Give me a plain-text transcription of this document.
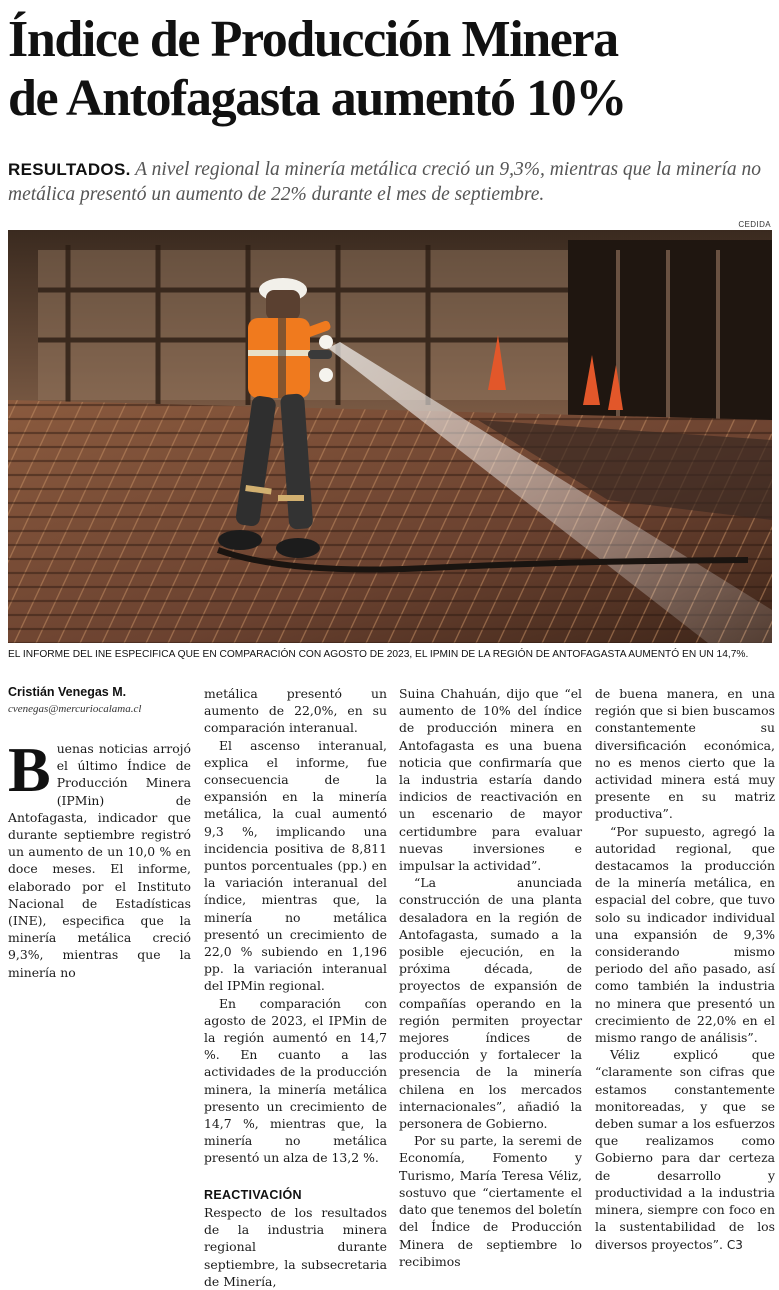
Índice de Producción Minera
de Antofagasta aumentó 10%

RESULTADOS. A nivel regional la minería metálica creció un 9,3%, mientras que la minería no metálica presentó un aumento de 22% durante el mes de septiembre.

CEDIDA
EL INFORME DEL INE ESPECIFICA QUE EN COMPARACIÓN CON AGOSTO DE 2023, EL IPMIN DE LA REGIÓN DE ANTOFAGASTA AUMENTÓ EN UN 14,7%.
Cristián Venegas M.
cvenegas@mercuriocalama.cl
B uenas noticias arrojó el último Índice de Producción Minera (IPMin) de Antofagasta, indicador que durante septiembre registró un aumento de un 10,0 % en doce meses. El informe, elaborado por el Instituto Nacional de Estadísticas (INE), especifica que la minería metálica creció 9,3%, mientras que la minería no

metálica presentó un aumento de 22,0%, en su comparación interanual.

El ascenso interanual, explica el informe, fue consecuencia de la expansión en la minería metálica, la cual aumentó 9,3 %, implicando una incidencia positiva de 8,811 puntos porcentuales (pp.) en la variación interanual del índice, mientras que, la minería no metálica presentó un crecimiento de 22,0 % subiendo en 1,196 pp. la variación interanual del IPMin regional.

En comparación con agosto de 2023, el IPMin de la región aumentó en 14,7 %. En cuanto a las actividades de la producción minera, la minería metálica presento un crecimiento de 14,7 %, mientras que, la minería no metálica presentó un alza de 13,2 %.

REACTIVACIÓN

Respecto de los resultados de la industria minera regional durante septiembre, la subsecretaria de Minería,

Suina Chahuán, dijo que “el aumento de 10% del índice de producción minera en Antofagasta es una buena noticia que confirmaría que la industria estaría dando indicios de reactivación en un escenario de mayor certidumbre para evaluar nuevas inversiones e impulsar la actividad”.

“La anunciada construcción de una planta desaladora en la región de Antofagasta, sumado a la posible ejecución, en la próxima década, de proyectos de expansión de compañías operando en la región permiten proyectar mejores índices de producción y fortalecer la presencia de la minería chilena en los mercados internacionales”, añadió la personera de Gobierno.

Por su parte, la seremi de Economía, Fomento y Turismo, María Teresa Véliz, sostuvo que “ciertamente el dato que tenemos del boletín del Índice de Producción Minera de septiembre lo recibimos

de buena manera, en una región que si bien buscamos constantemente su diversificación económica, no es menos cierto que la actividad minera está muy presente en su matriz productiva”.

“Por supuesto, agregó la autoridad regional, que destacamos la producción de la minería metálica, en espacial del cobre, que tuvo solo su indicador individual una expansión de 9,3% considerando mismo periodo del año pasado, así como también la industria no minera que presentó un crecimiento de 22,0% en el mismo rango de análisis”.

Véliz explicó que “claramente son cifras que estamos constantemente monitoreadas, y que se deben sumar a los esfuerzos que realizamos como Gobierno para dar certeza de desarrollo y productividad a la industria minera, siempre con foco en la sustentabilidad de los diversos proyectos”. C3
